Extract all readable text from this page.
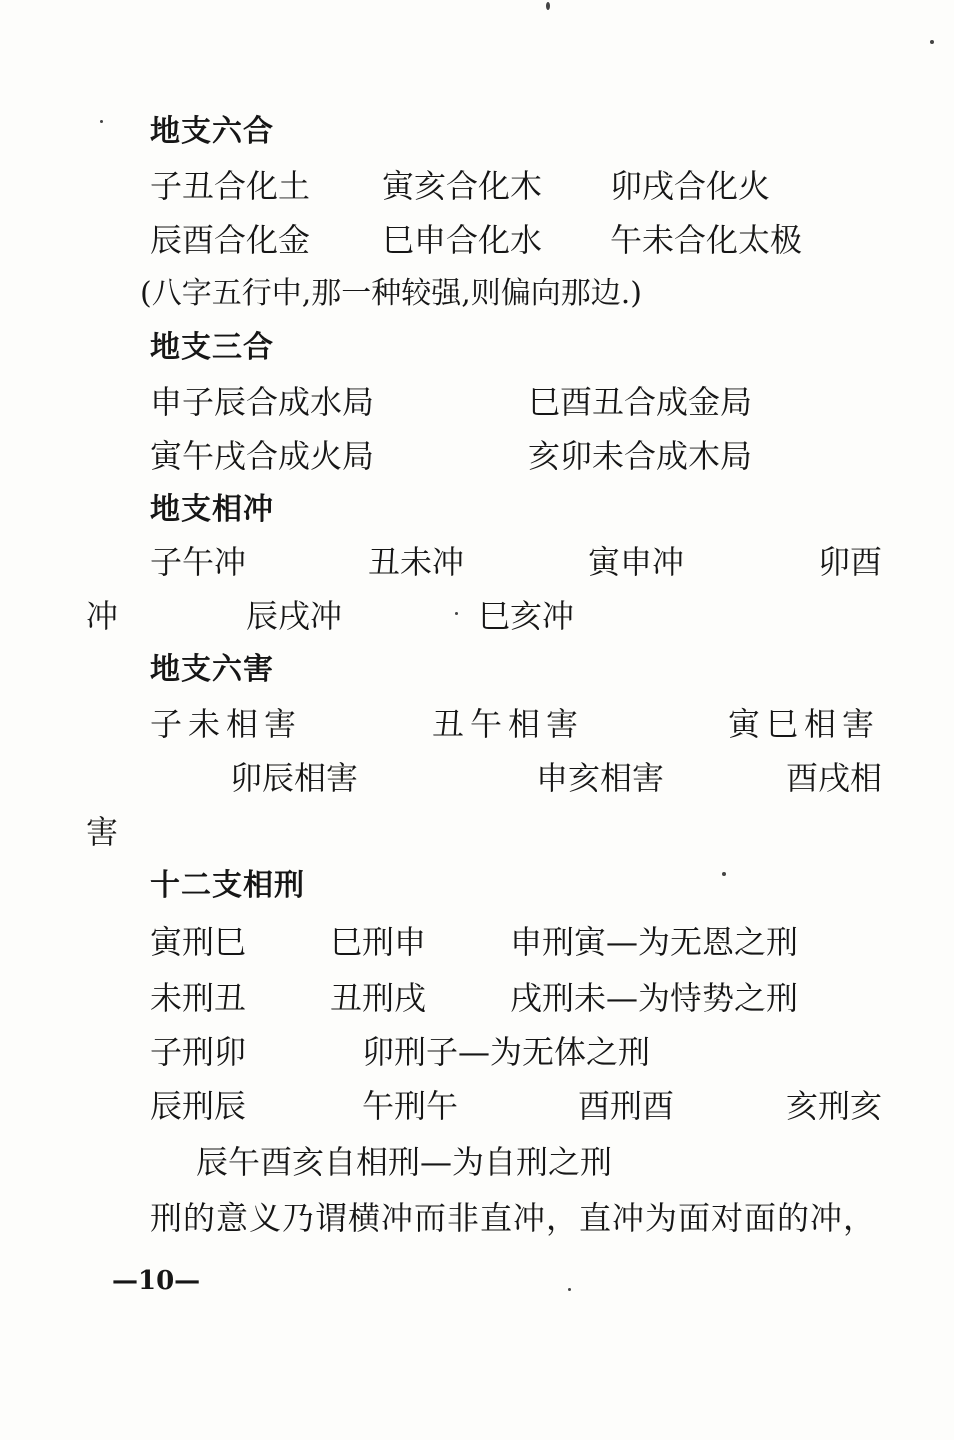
地支六合
子丑合化土 寅亥合化木 卯戌合化火
辰酉合化金 巳申合化水 午未合化太极
(八字五行中,那一种较强,则偏向那边.)
地支三合
申子辰合成水局	巳酉丑合成金局
寅午戌合成火局	亥卯未合成木局
地支相冲
子午冲	丑未冲	寅申冲	卯酉
冲	辰戌冲	巳亥冲
地支六害
子未相害	丑午相害	寅巳相害
卯辰相害	申亥相害	酉戌相
害
十二支相刑
寅刑巳	巳刑申	申刑寅—为无恩之刑
未刑丑	丑刑戌	戌刑未—为恃势之刑
子刑卯	卯刑子—为无体之刑
辰刑辰	午刑午	酉刑酉	亥刑亥
辰午酉亥自相刑—为自刑之刑
刑的意义乃谓横冲而非直冲，直冲为面对面的冲，
—10—
